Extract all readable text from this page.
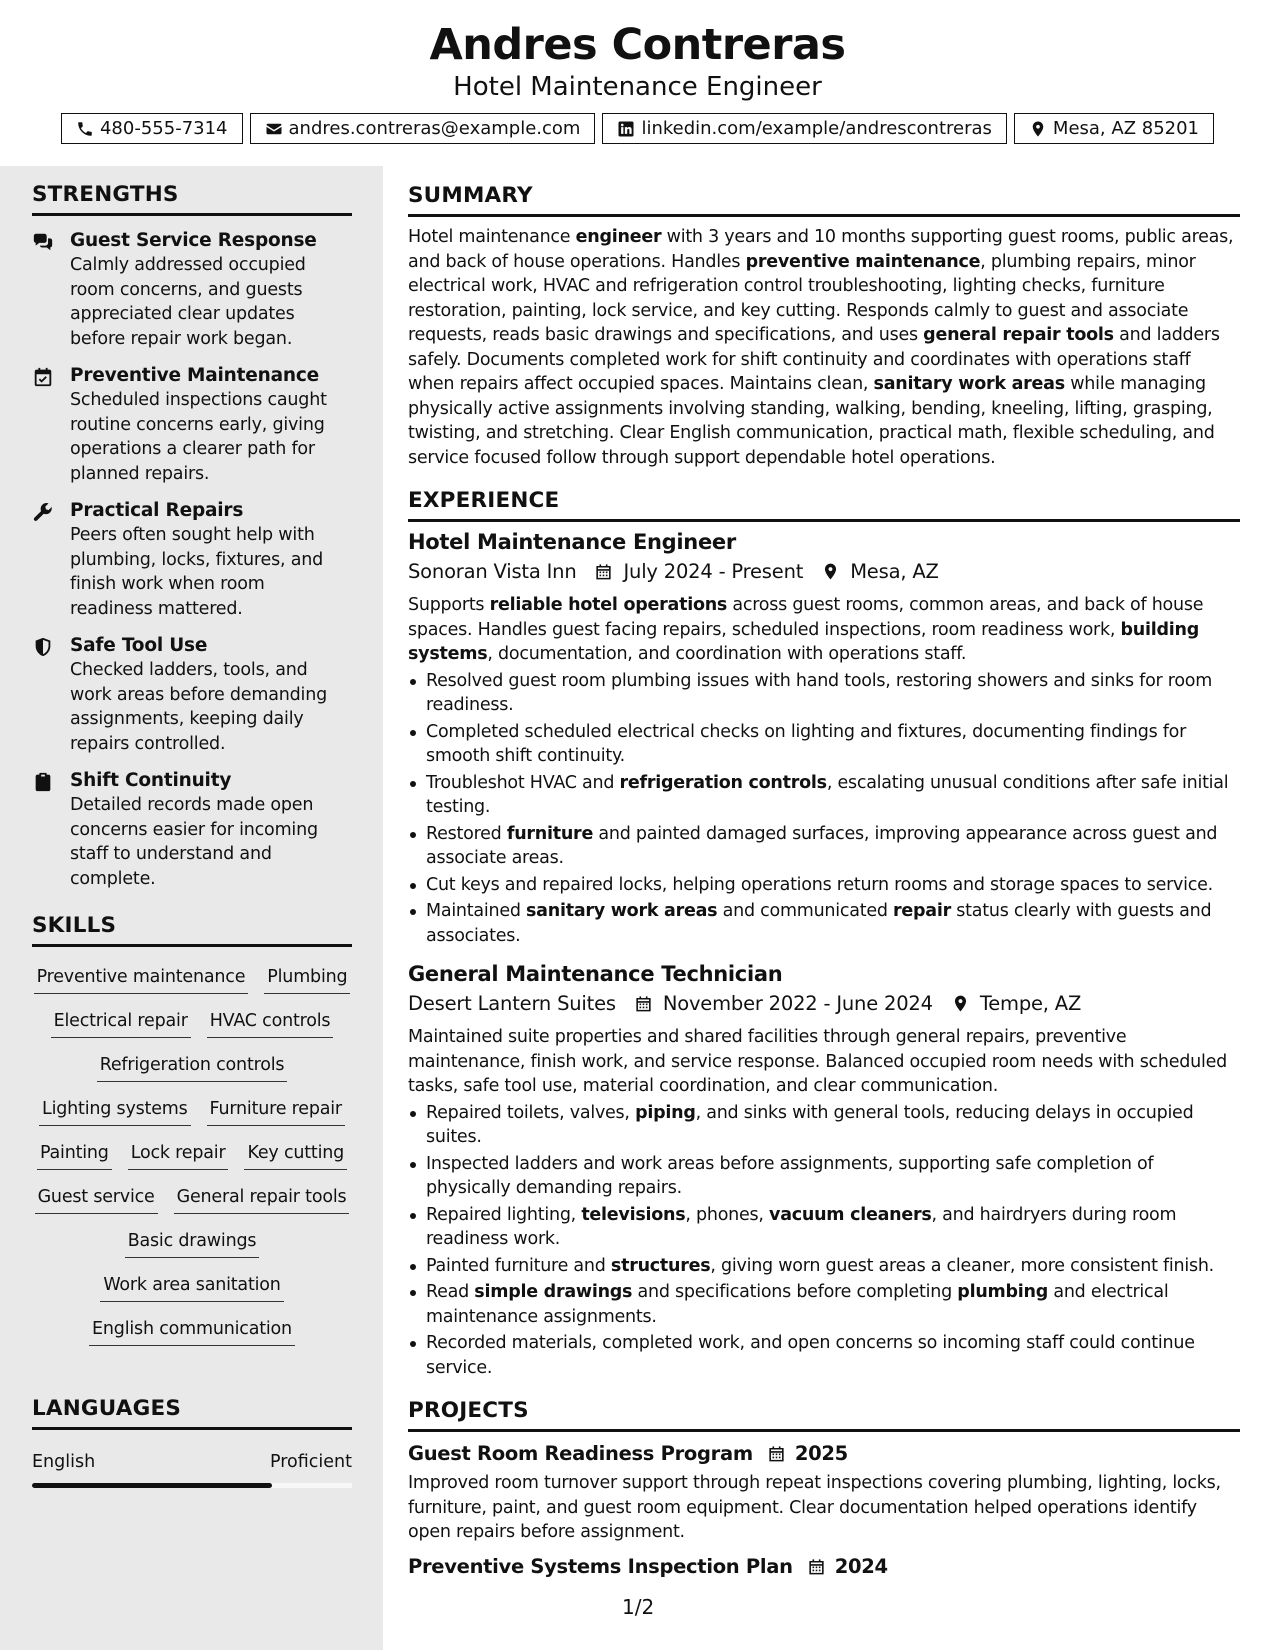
Andres Contreras
Hotel Maintenance Engineer
480-555-7314	andres.contreras@example.com	linkedin.com/example/andrescontreras	Mesa, AZ 85201
STRENGTHS
Guest Service Response
Calmly addressed occupied room concerns, and guests appreciated clear updates before repair work began.
Preventive Maintenance
Scheduled inspections caught routine concerns early, giving operations a clearer path for planned repairs.
Practical Repairs
Peers often sought help with plumbing, locks, fixtures, and finish work when room readiness mattered.
Safe Tool Use
Checked ladders, tools, and work areas before demanding assignments, keeping daily repairs controlled.
Shift Continuity
Detailed records made open concerns easier for incoming staff to understand and complete.
SKILLS
Preventive maintenance Plumbing
Electrical repair HVAC controls
Refrigeration controls
Lighting systems Furniture repair
Painting Lock repair Key cutting
Guest service General repair tools
Basic drawings
Work area sanitation
English communication
LANGUAGES
English	Proficient
SUMMARY
Hotel maintenance engineer with 3 years and 10 months supporting guest rooms, public areas, and back of house operations. Handles preventive maintenance, plumbing repairs, minor electrical work, HVAC and refrigeration control troubleshooting, lighting checks, furniture restoration, painting, lock service, and key cutting. Responds calmly to guest and associate requests, reads basic drawings and specifications, and uses general repair tools and ladders safely. Documents completed work for shift continuity and coordinates with operations staff when repairs affect occupied spaces. Maintains clean, sanitary work areas while managing physically active assignments involving standing, walking, bending, kneeling, lifting, grasping, twisting, and stretching. Clear English communication, practical math, flexible scheduling, and service focused follow through support dependable hotel operations.
EXPERIENCE
Hotel Maintenance Engineer
Sonoran Vista Inn July 2024 - Present Mesa, AZ
Supports reliable hotel operations across guest rooms, common areas, and back of house spaces. Handles guest facing repairs, scheduled inspections, room readiness work, building systems, documentation, and coordination with operations staff.
Resolved guest room plumbing issues with hand tools, restoring showers and sinks for room readiness.
Completed scheduled electrical checks on lighting and fixtures, documenting findings for smooth shift continuity.
Troubleshot HVAC and refrigeration controls, escalating unusual conditions after safe initial testing.
Restored furniture and painted damaged surfaces, improving appearance across guest and associate areas.
Cut keys and repaired locks, helping operations return rooms and storage spaces to service.
Maintained sanitary work areas and communicated repair status clearly with guests and associates.
General Maintenance Technician
Desert Lantern Suites November 2022 - June 2024 Tempe, AZ
Maintained suite properties and shared facilities through general repairs, preventive maintenance, finish work, and service response. Balanced occupied room needs with scheduled tasks, safe tool use, material coordination, and clear communication.
Repaired toilets, valves, piping, and sinks with general tools, reducing delays in occupied suites.
Inspected ladders and work areas before assignments, supporting safe completion of physically demanding repairs.
Repaired lighting, televisions, phones, vacuum cleaners, and hairdryers during room readiness work.
Painted furniture and structures, giving worn guest areas a cleaner, more consistent finish.
Read simple drawings and specifications before completing plumbing and electrical maintenance assignments.
Recorded materials, completed work, and open concerns so incoming staff could continue service.
PROJECTS
Guest Room Readiness Program 2025
Improved room turnover support through repeat inspections covering plumbing, lighting, locks, furniture, paint, and guest room equipment. Clear documentation helped operations identify open repairs before assignment.
Preventive Systems Inspection Plan 2024
1/2
